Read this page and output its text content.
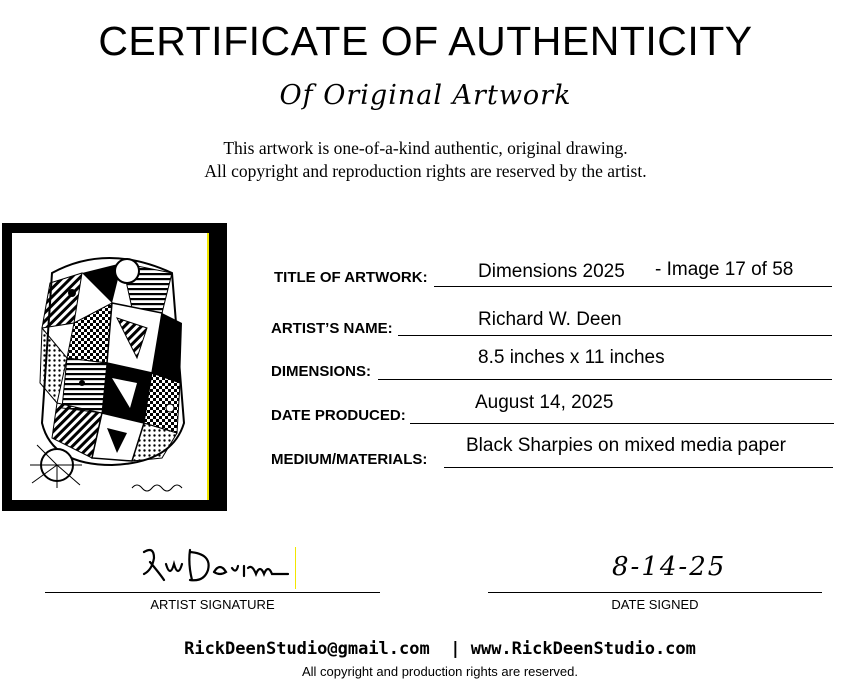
CERTIFICATE OF AUTHENTICITY
Of Original Artwork
This artwork is one-of-a-kind authentic, original drawing.
All copyright and reproduction rights are reserved by the artist.
TITLE OF ARTWORK:	Dimensions 2025 - Image 17 of 58
ARTIST’S NAME:	Richard W. Deen
DIMENSIONS:
8.5 inches x 11 inches
DATE PRODUCED:
August 14, 2025
MEDIUM/MATERIALS:
Black Sharpies on mixed media paper
ARTIST SIGNATURE
8-14-25
DATE SIGNED
RickDeenStudio@gmail.com | www.RickDeenStudio.com
All copyright and production rights are reserved.
